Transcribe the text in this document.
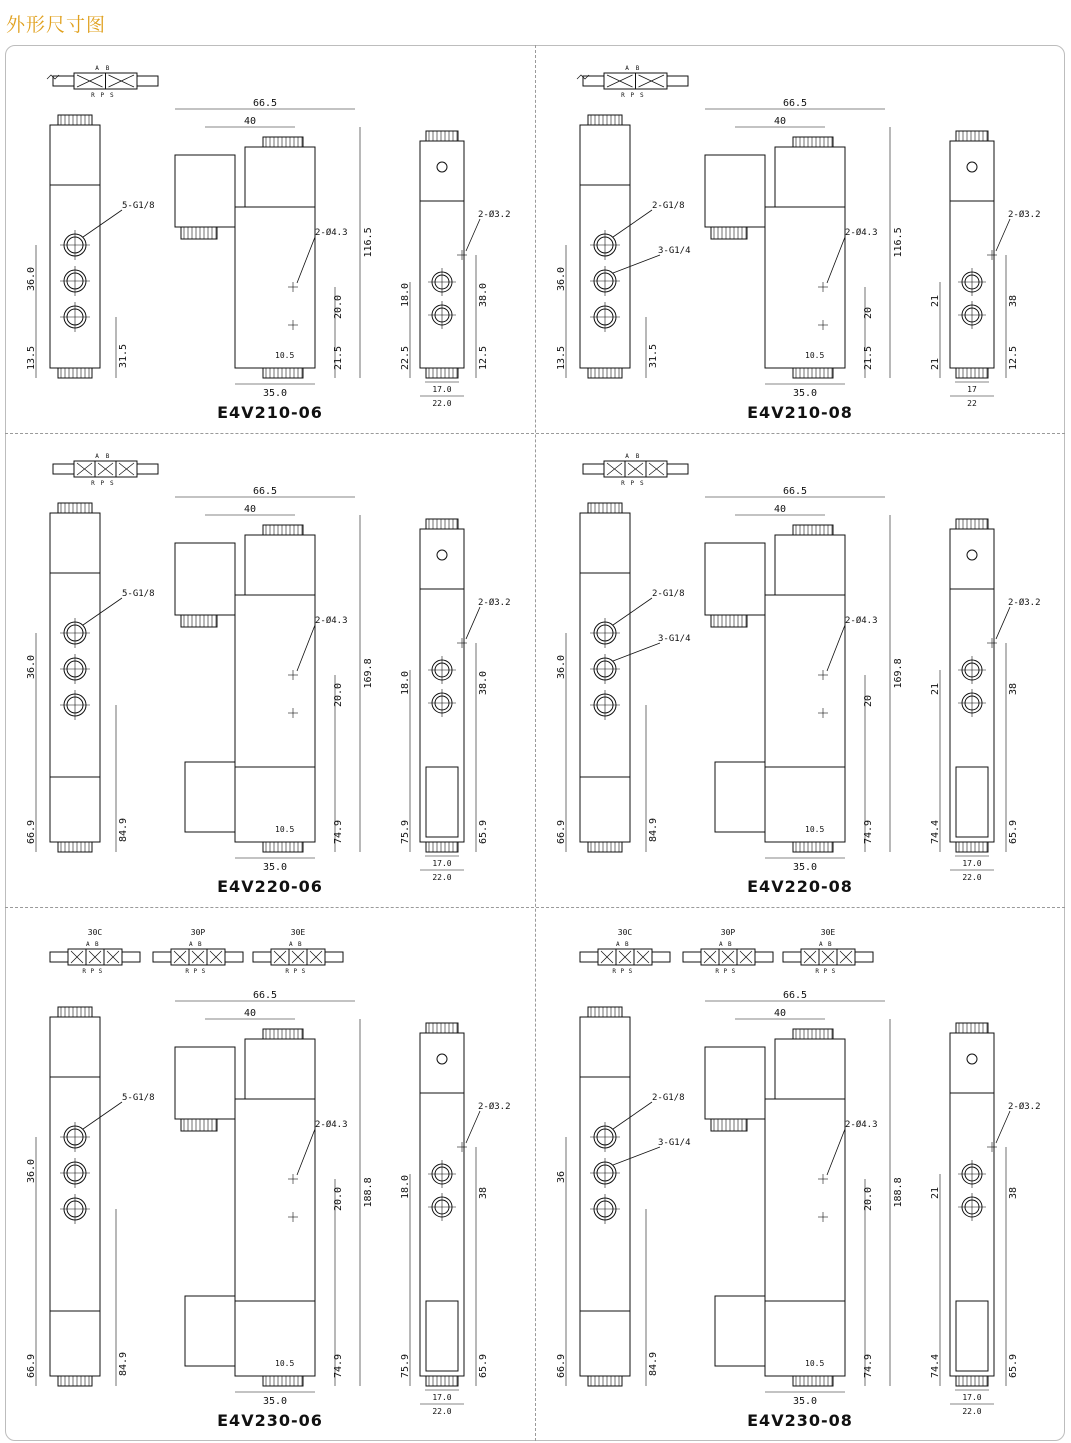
外形尺寸图
A B
R P S
5-G1/8
36.0
13.5	31.5
66.5
40
2-Ø4.3 116.5
20.0
21.5
10.5
35.0
2-Ø3.2
18.0
22.5
38.0
12.5
17.0
22.0
E4V210-06
A B
R P S
2-G1/8
3-G1/4
36.0
13.5	31.5
66.5
40
2-Ø4.3 116.5
20
21.5
10.5
35.0
2-Ø3.2
21
21
38
12.5
17
22
E4V210-08
A B
R P S
5-G1/8
36.0
66.9	84.9
66.5
40
2-Ø4.3
169.8
20.0
74.9
10.5
35.0
2-Ø3.2
18.0
75.9
38.0
65.9
17.0
22.0
E4V220-06
A B
R P S
2-G1/8
3-G1/4
36.0
66.9	84.9
66.5
40
2-Ø4.3
169.8
20
74.9
10.5
35.0
2-Ø3.2
21
74.4
38
65.9
17.0
22.0
E4V220-08
30C
A B
R P S
30P
A B
R P S
30E
A B
R P S
5-G1/8
36.0
66.9	84.9
66.5
40
2-Ø4.3
188.8
20.0
74.9
10.5
35.0
2-Ø3.2
18.0
75.9
38
65.9
17.0
22.0
E4V230-06
30C
A B
R P S
30P
A B
R P S
30E
A B
R P S
2-G1/8
3-G1/4
36
66.9	84.9
66.5
40
2-Ø4.3
188.8
20.0
74.9
10.5
35.0
2-Ø3.2
21
74.4
38
65.9
17.0
22.0
E4V230-08
